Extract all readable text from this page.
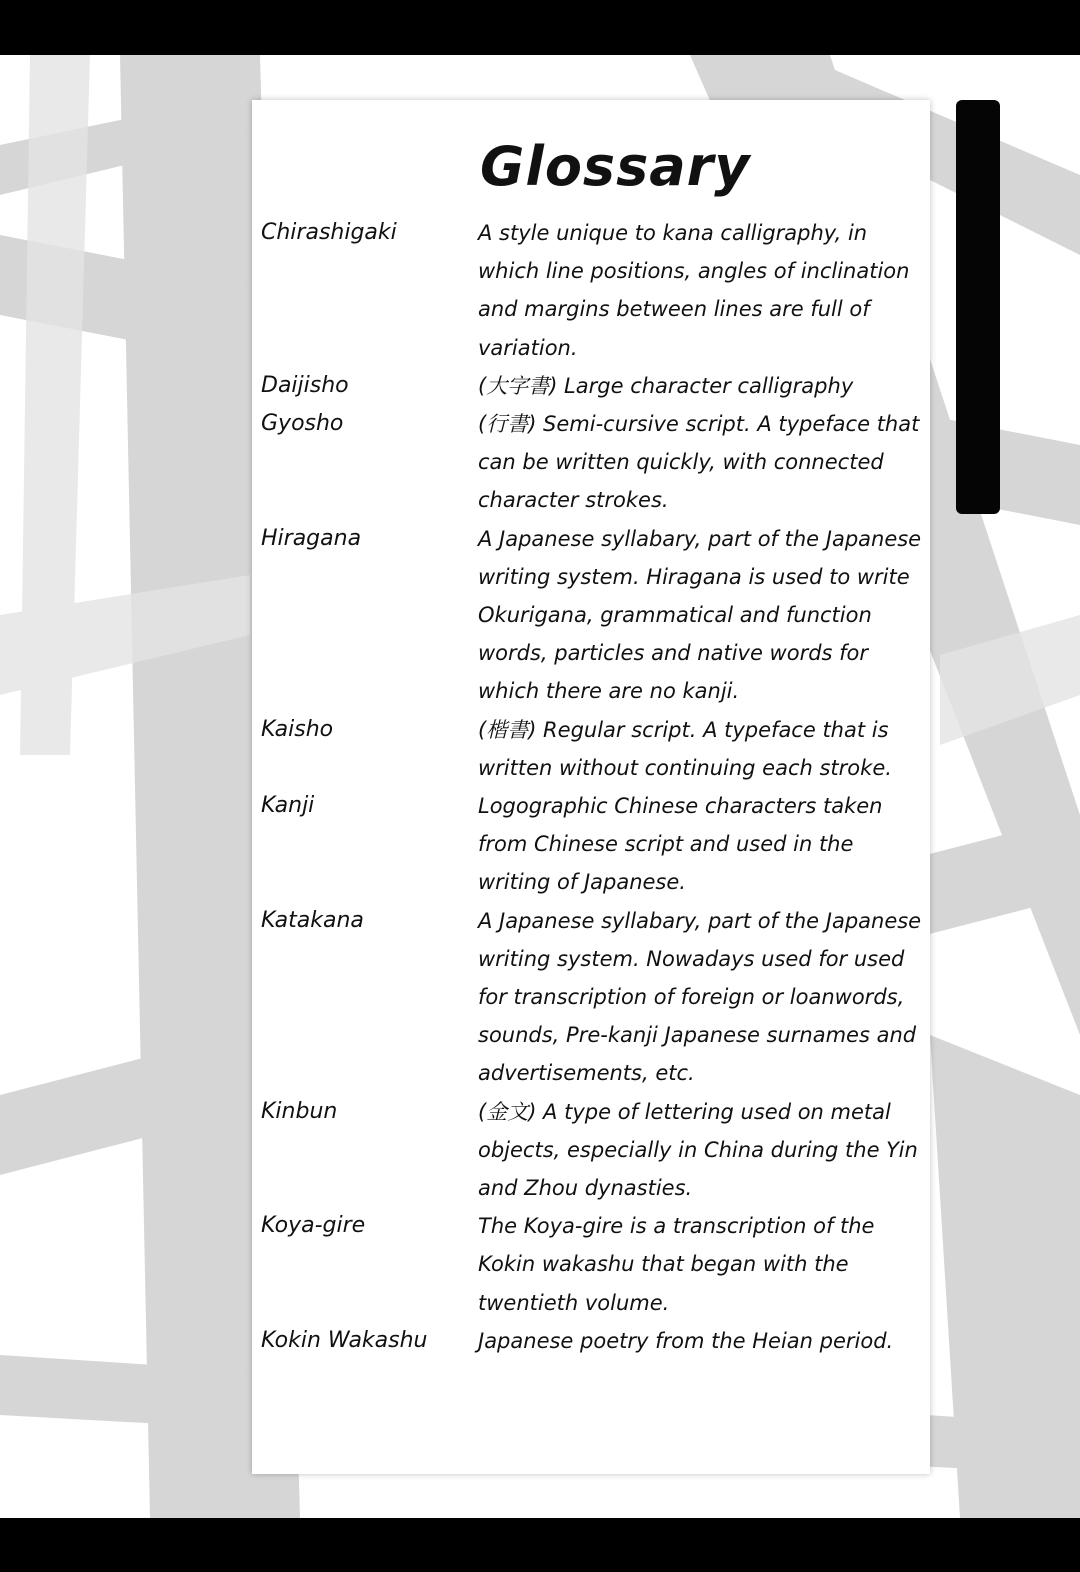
Glossary
Chirashigaki	A style unique to kana calligraphy, in which line positions, angles of inclination and margins between lines are full of variation.
Daijisho	(大字書) Large character calligraphy
Gyosho	(行書) Semi-cursive script. A typeface that can be written quickly, with connected character strokes.
Hiragana	A Japanese syllabary, part of the Japanese writing system. Hiragana is used to write Okurigana, grammatical and function words, particles and native words for which there are no kanji.
Kaisho	(楷書) Regular script. A typeface that is written without continuing each stroke.
Kanji	Logographic Chinese characters taken from Chinese script and used in the writing of Japanese.
Katakana	A Japanese syllabary, part of the Japanese writing system. Nowadays used for used for transcription of foreign or loanwords, sounds, Pre-kanji Japanese surnames and advertisements, etc.
Kinbun	(金文) A type of lettering used on metal objects, especially in China during the Yin and Zhou dynasties.
Koya-gire	The Koya-gire is a transcription of the Kokin wakashu that began with the twentieth volume.
Kokin Wakashu	Japanese poetry from the Heian period.
